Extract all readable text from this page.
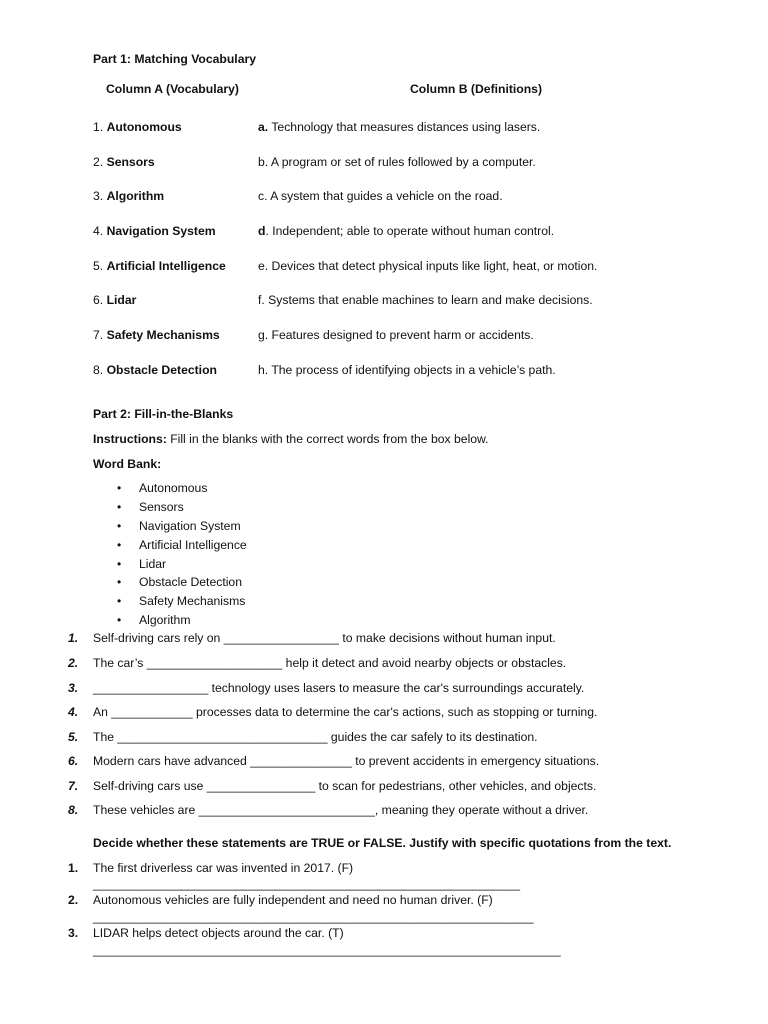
Part 1: Matching Vocabulary
Column A (Vocabulary)	Column B (Definitions)
1. Autonomous	a. Technology that measures distances using lasers.
2. Sensors	b. A program or set of rules followed by a computer.
3. Algorithm	c. A system that guides a vehicle on the road.
4. Navigation System	d. Independent; able to operate without human control.
5. Artificial Intelligence	e. Devices that detect physical inputs like light, heat, or motion.
6. Lidar	f. Systems that enable machines to learn and make decisions.
7. Safety Mechanisms	g. Features designed to prevent harm or accidents.
8. Obstacle Detection	h. The process of identifying objects in a vehicle’s path.
Part 2: Fill-in-the-Blanks
Instructions: Fill in the blanks with the correct words from the box below.
Word Bank:
• Autonomous
• Sensors
• Navigation System
• Artificial Intelligence
• Lidar
• Obstacle Detection
• Safety Mechanisms
• Algorithm
1. Self-driving cars rely on _________________ to make decisions without human input.
2. The car’s ____________________ help it detect and avoid nearby objects or obstacles.
3. _________________ technology uses lasers to measure the car's surroundings accurately.
4. An ____________ processes data to determine the car's actions, such as stopping or turning.
5. The _______________________________ guides the car safely to its destination.
6. Modern cars have advanced _______________ to prevent accidents in emergency situations.
7. Self-driving cars use ________________ to scan for pedestrians, other vehicles, and objects.
8. These vehicles are __________________________, meaning they operate without a driver.
Decide whether these statements are TRUE or FALSE. Justify with specific quotations from the text.
1. The first driverless car was invented in 2017. (F)
_______________________________________________________________
2. Autonomous vehicles are fully independent and need no human driver. (F)
_________________________________________________________________
3. LIDAR helps detect objects around the car. (T)
_____________________________________________________________________
